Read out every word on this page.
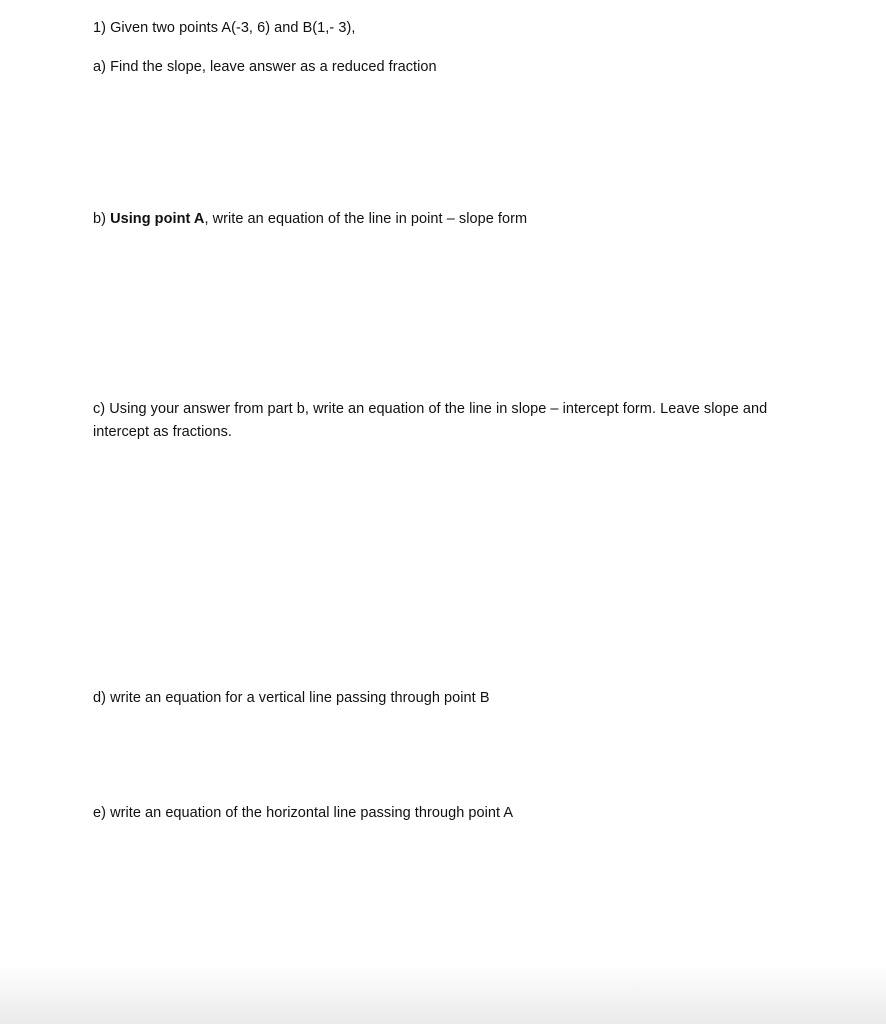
1) Given two points A(-3, 6) and B(1,- 3),
a) Find the slope, leave answer as a reduced fraction
b) Using point A, write an equation of the line in point – slope form
c) Using your answer from part b, write an equation of the line in slope – intercept form. Leave slope and intercept as fractions.
d) write an equation for a vertical line passing through point B
e) write an equation of the horizontal line passing through point A
